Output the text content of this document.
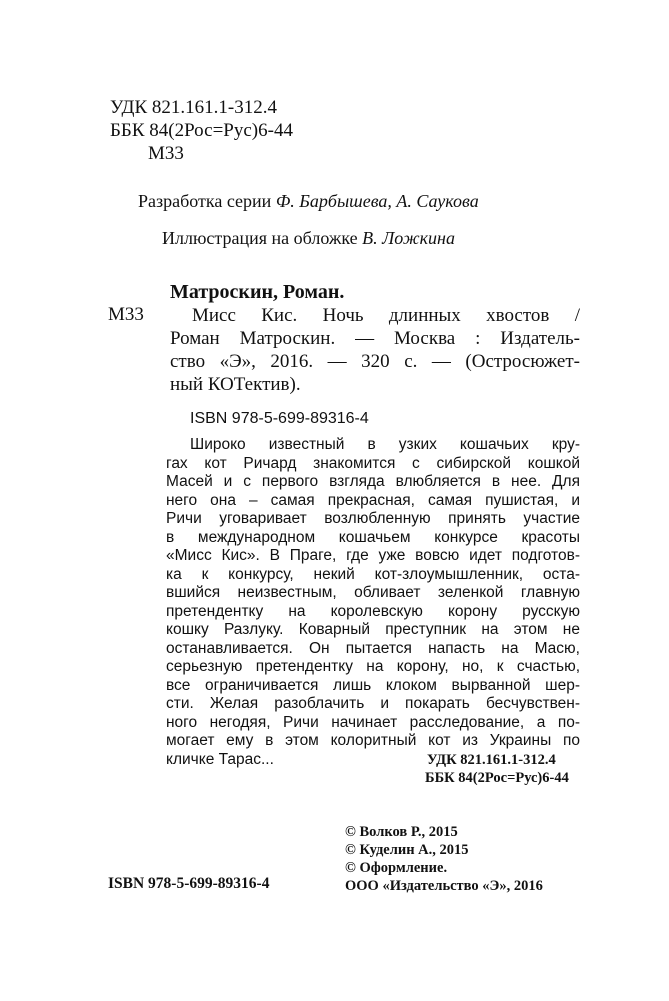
УДК 821.161.1-312.4
ББК 84(2Рос=Рус)6-44
М33
Разработка серии Ф. Барбышева, А. Саукова
Иллюстрация на обложке В. Ложкина
Матроскин, Роман.
М33	Мисс Кис. Ночь длинных хвостов /
Роман Матроскин. — Москва : Издатель-
ство «Э», 2016. — 320 с. — (Остросюжет-
ный КОТектив).
ISBN 978-5-699-89316-4
Широко известный в узких кошачьих кру-
гах кот Ричард знакомится с сибирской кошкой
Масей и с первого взгляда влюбляется в нее. Для
него она – самая прекрасная, самая пушистая, и
Ричи уговаривает возлюбленную принять участие
в международном кошачьем конкурсе красоты
«Мисс Кис». В Праге, где уже вовсю идет подготов-
ка к конкурсу, некий кот-злоумышленник, оста-
вшийся неизвестным, обливает зеленкой главную
претендентку на королевскую корону русскую
кошку Разлуку. Коварный преступник на этом не
останавливается. Он пытается напасть на Масю,
серьезную претендентку на корону, но, к счастью,
все ограничивается лишь клоком вырванной шер-
сти. Желая разоблачить и покарать бесчувствен-
ного негодяя, Ричи начинает расследование, а по-
могает ему в этом колоритный кот из Украины по
кличке Тарас...	УДК 821.161.1-312.4
ББК 84(2Рос=Рус)6-44
© Волков Р., 2015
© Куделин А., 2015
© Оформление.
ООО «Издательство «Э», 2016
ISBN 978-5-699-89316-4
